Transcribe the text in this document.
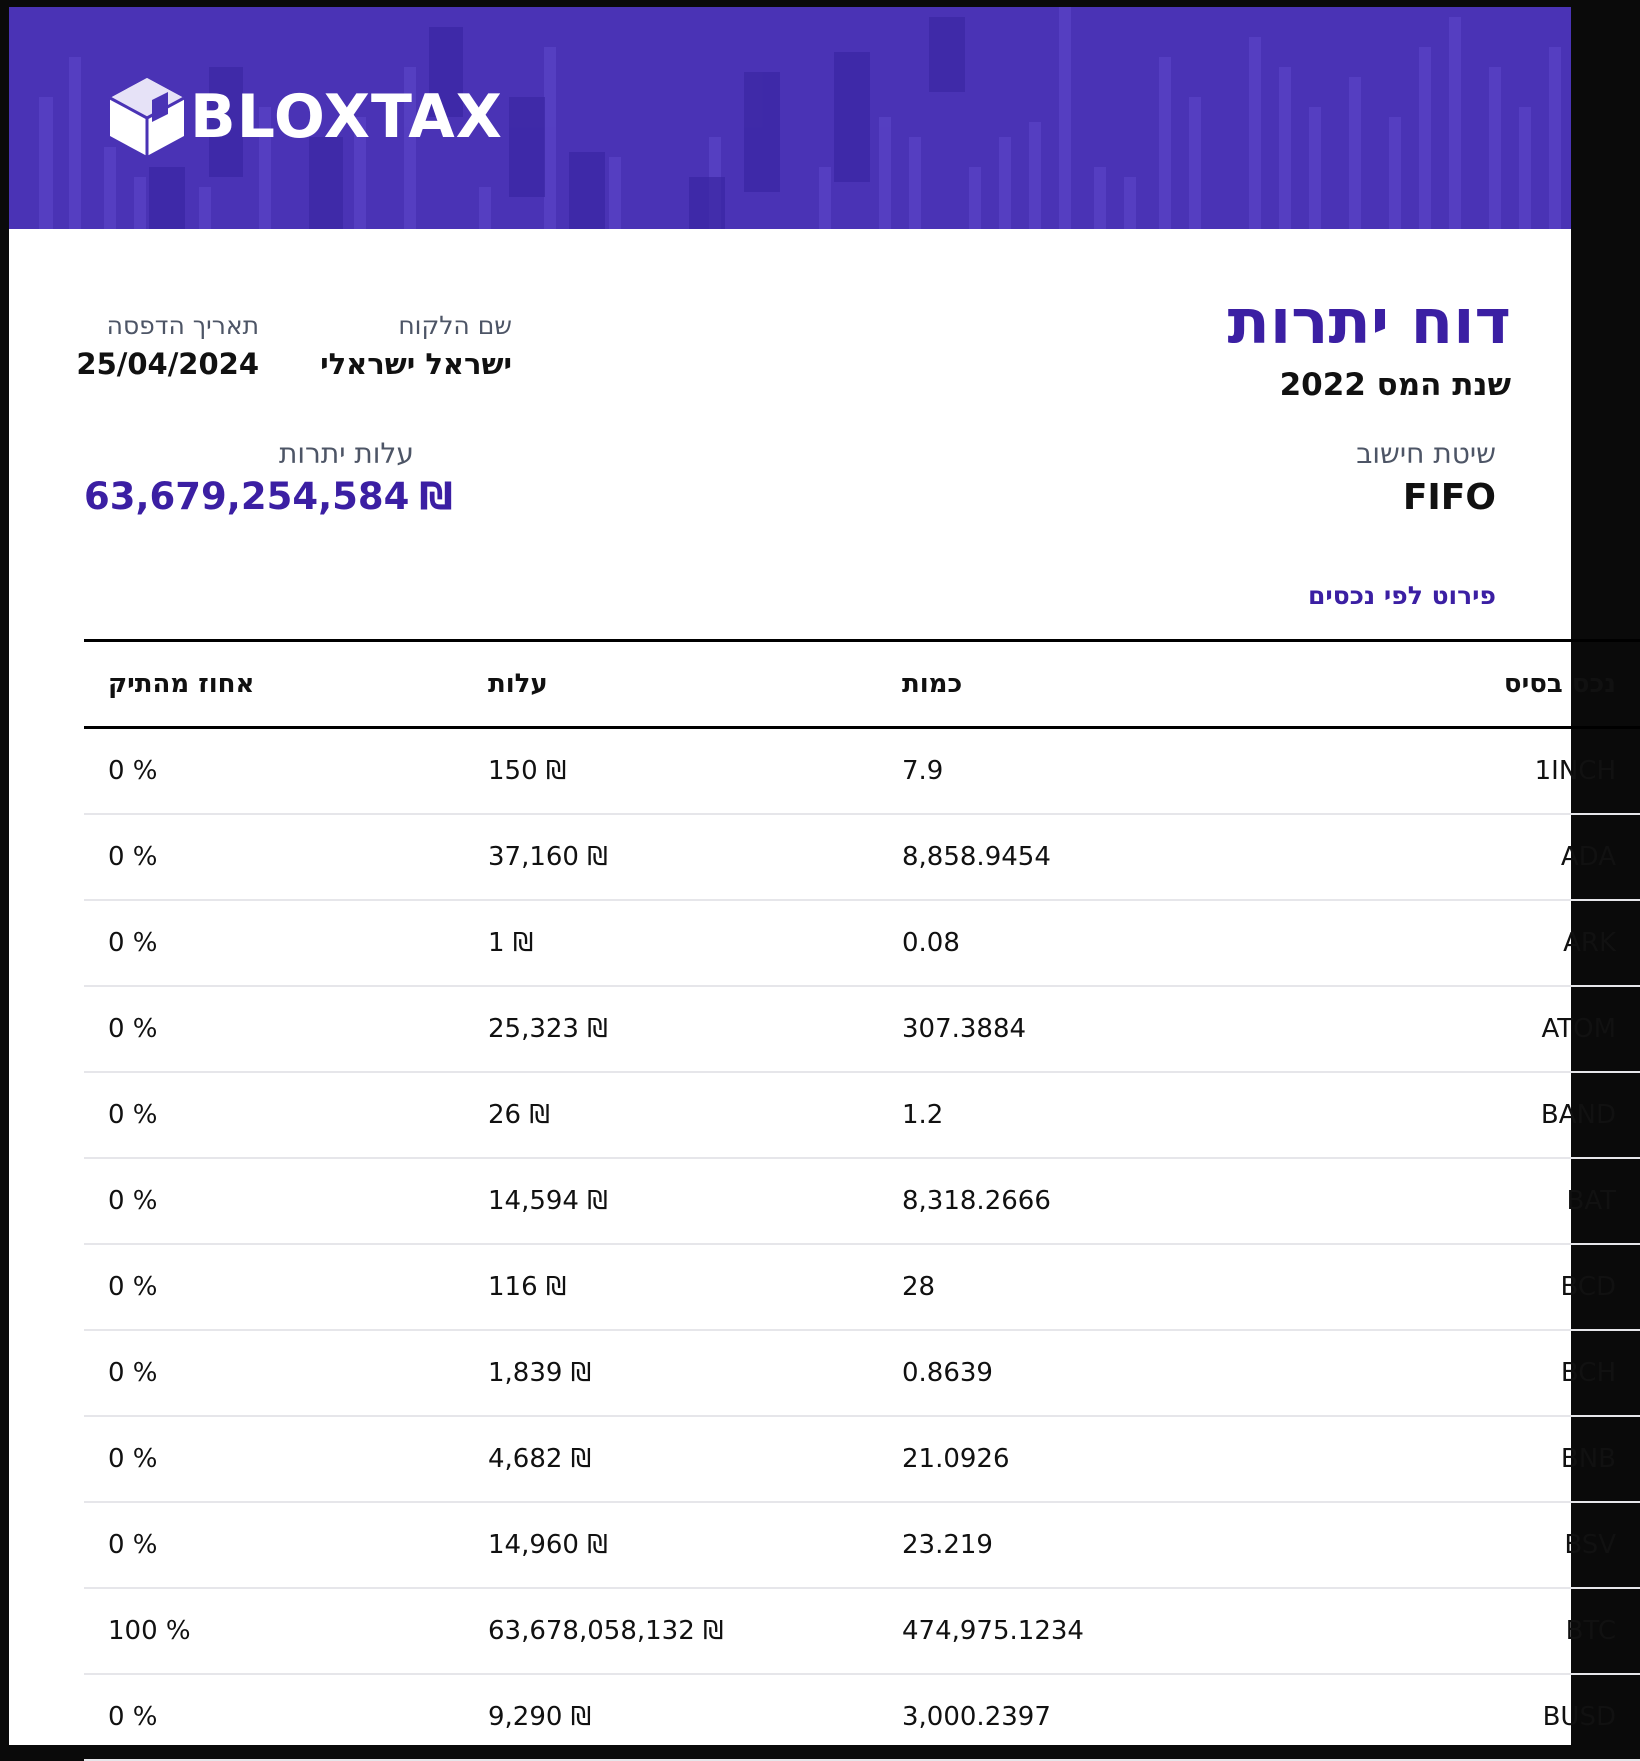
BLOXTAX
דוח יתרות
שנת המס 2022
שם הלקוח
ישראל ישראלי
תאריך הדפסה
25/04/2024
שיטת חישוב
FIFO
עלות יתרות
63,679,254,584 ₪
פירוט לפי נכסים
נכס בסיס	כמות	עלות	אחוז מהתיק
1INCH	7.9	150 ₪	0 %
ADA	8,858.9454	37,160 ₪	0 %
ARK	0.08	1 ₪	0 %
ATOM	307.3884	25,323 ₪	0 %
BAND	1.2	26 ₪	0 %
BAT	8,318.2666	14,594 ₪	0 %
BCD	28	116 ₪	0 %
BCH	0.8639	1,839 ₪	0 %
BNB	21.0926	4,682 ₪	0 %
BSV	23.219	14,960 ₪	0 %
BTC	474,975.1234	63,678,058,132 ₪	100 %
BUSD	3,000.2397	9,290 ₪	0 %
